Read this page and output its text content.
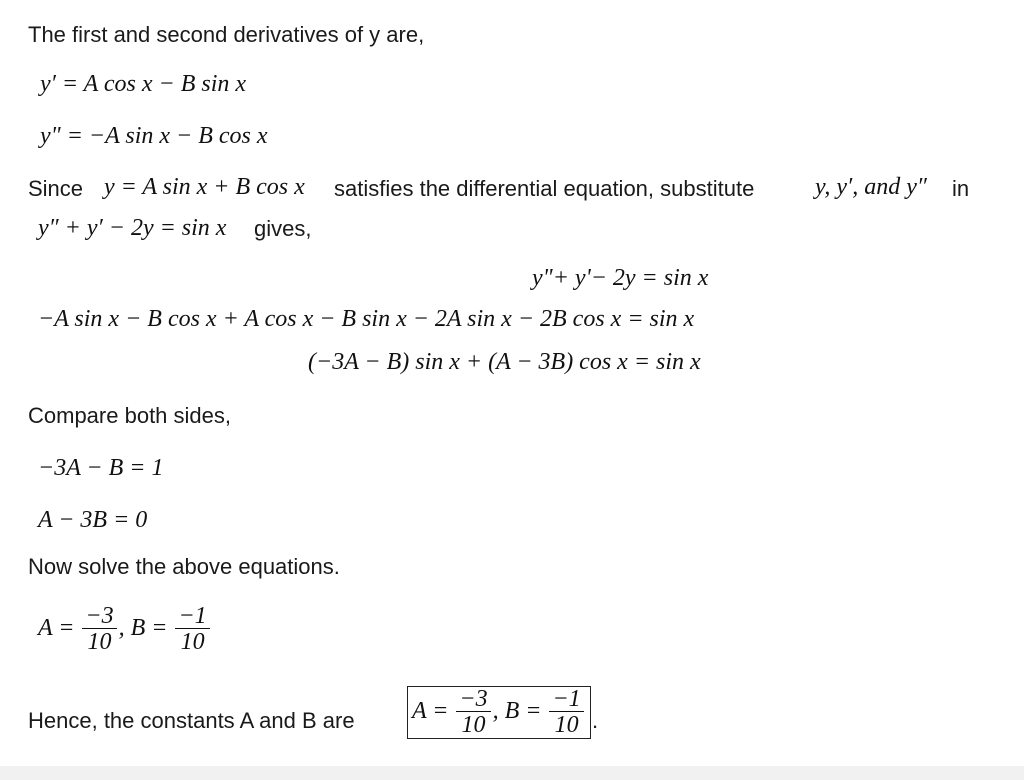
The first and second derivatives of y are,
y′ = A cos x − B sin x
y" = −A sin x − B cos x
Since y = A sin x + B cos x satisfies the differential equation, substitute	y, y′, and y″ in
y″ + y′ − 2y = sin x gives,
y"+ y'− 2y = sin x
−A sin x − B cos x + A cos x − B sin x − 2A sin x − 2B cos x = sin x
(−3A − B) sin x + (A − 3B) cos x = sin x
Compare both sides,
−3A − B = 1
A − 3B = 0
Now solve the above equations.
$A = \frac{-3}{10}$ , $B = \frac{-1}{10}$
Hence, the constants A and B are $A = \frac{-3}{10}$ , $B = \frac{-1}{10}$ .
